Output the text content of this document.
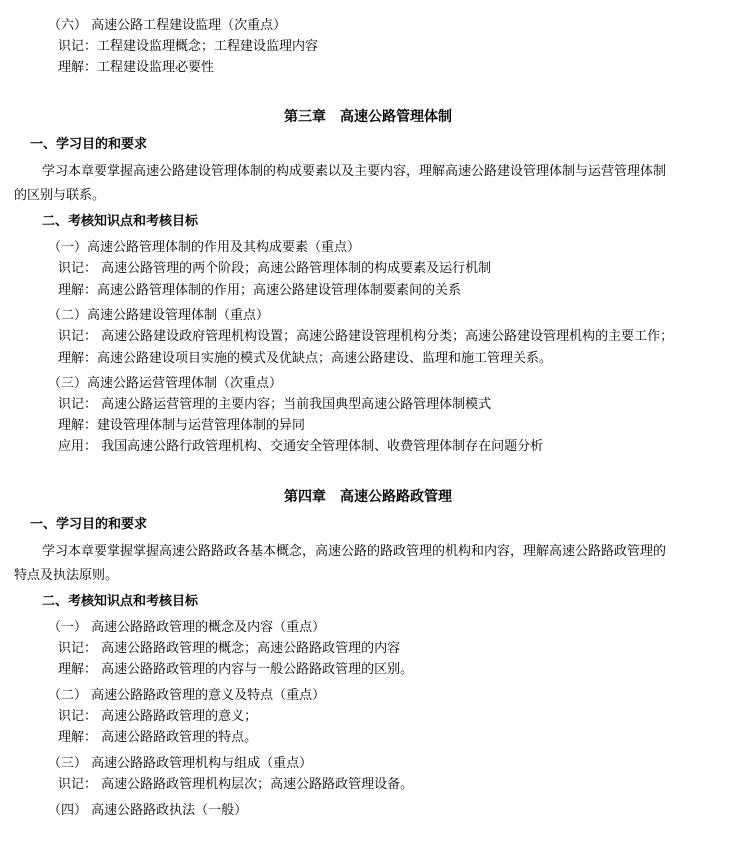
（六） 高速公路工程建设监理（次重点）
识记：工程建设监理概念；工程建设监理内容
理解：工程建设监理必要性
第三章　高速公路管理体制
一、学习目的和要求
学习本章要掌握高速公路建设管理体制的构成要素以及主要内容，理解高速公路建设管理体制与运营管理体制
的区别与联系。
二、考核知识点和考核目标
（一）高速公路管理体制的作用及其构成要素（重点）
识记： 高速公路管理的两个阶段；高速公路管理体制的构成要素及运行机制
理解：高速公路管理体制的作用；高速公路建设管理体制要素间的关系
（二）高速公路建设管理体制（重点）
识记： 高速公路建设政府管理机构设置；高速公路建设管理机构分类；高速公路建设管理机构的主要工作；
理解：高速公路建设项目实施的模式及优缺点；高速公路建设、监理和施工管理关系。
（三）高速公路运营管理体制（次重点）
识记： 高速公路运营管理的主要内容；当前我国典型高速公路管理体制模式
理解：建设管理体制与运营管理体制的异同
应用： 我国高速公路行政管理机构、交通安全管理体制、收费管理体制存在问题分析
第四章　高速公路路政管理
一、学习目的和要求
学习本章要掌握掌握高速公路路政各基本概念，高速公路的路政管理的机构和内容，理解高速公路路政管理的
特点及执法原则。
二、考核知识点和考核目标
（一） 高速公路路政管理的概念及内容（重点）
识记： 高速公路路政管理的概念；高速公路路政管理的内容
理解： 高速公路路政管理的内容与一般公路路政管理的区别。
（二） 高速公路路政管理的意义及特点（重点）
识记： 高速公路路政管理的意义；
理解： 高速公路路政管理的特点。
（三） 高速公路路政管理机构与组成（重点）
识记： 高速公路路政管理机构层次；高速公路路政管理设备。
（四） 高速公路路政执法（一般）
